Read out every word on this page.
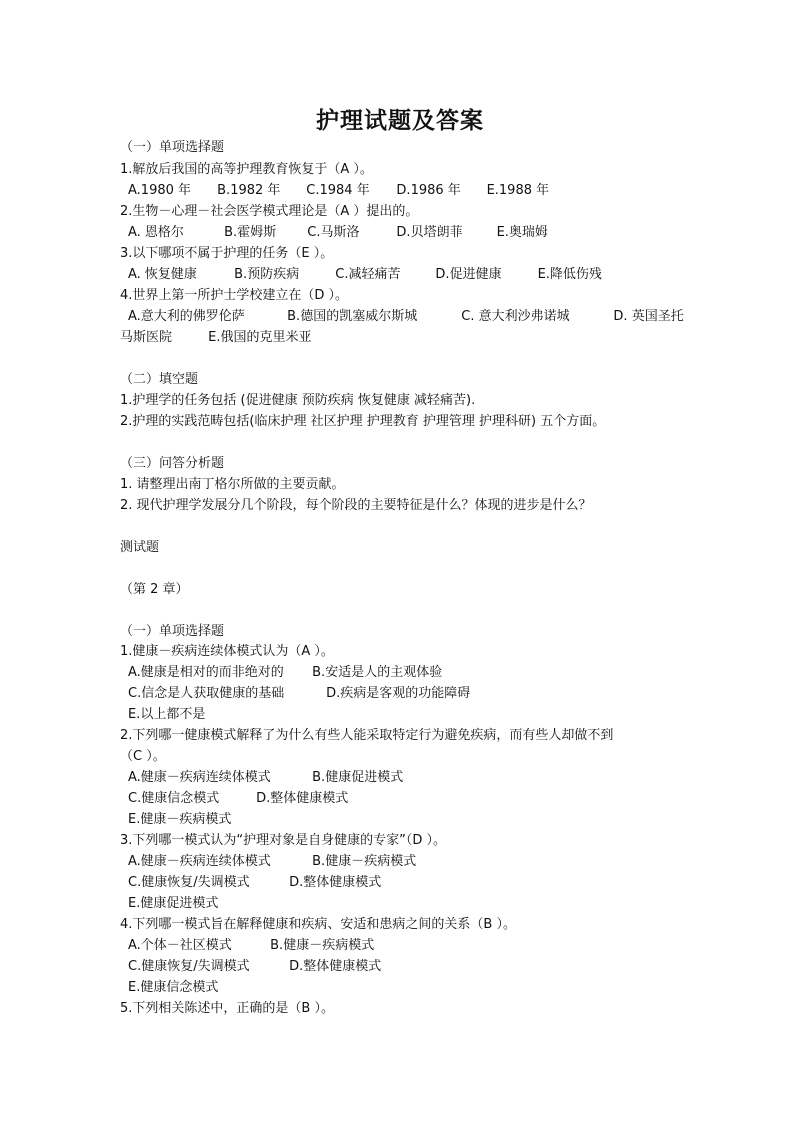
护理试题及答案
（一）单项选择题
1.解放后我国的高等护理教育恢复于（A ）。
A.1980 年 B.1982 年 C.1984 年 D.1986 年 E.1988 年
2.生物－心理－社会医学模式理论是（A ）提出的。
A. 恩格尔	B.霍姆斯 C.马斯洛	D.贝塔朗菲	E.奥瑞姆
3.以下哪项不属于护理的任务（E ）。
A. 恢复健康	B.预防疾病	C.减轻痛苦	D.促进健康	E.降低伤残
4.世界上第一所护士学校建立在（D ）。
A.意大利的佛罗伦萨	B.德国的凯塞威尔斯城	C. 意大利沙弗诺城	D. 英国圣托
马斯医院	E.俄国的克里米亚
（二）填空题
1.护理学的任务包括 (促进健康 预防疾病 恢复健康 减轻痛苦).
2.护理的实践范畴包括(临床护理 社区护理 护理教育 护理管理 护理科研) 五个方面。
（三）问答分析题
1. 请整理出南丁格尔所做的主要贡献。
2. 现代护理学发展分几个阶段，每个阶段的主要特征是什么？体现的进步是什么？
测试题
（第 2 章）
（一）单项选择题
1.健康－疾病连续体模式认为（A ）。
A.健康是相对的而非绝对的 B.安适是人的主观体验
C.信念是人获取健康的基础	D.疾病是客观的功能障碍
E.以上都不是
2.下列哪一健康模式解释了为什么有些人能采取特定行为避免疾病，而有些人却做不到
（C ）。
A.健康－疾病连续体模式	B.健康促进模式
C.健康信念模式	D.整体健康模式
E.健康－疾病模式
3.下列哪一模式认为“护理对象是自身健康的专家”（D ）。
A.健康－疾病连续体模式	B.健康－疾病模式
C.健康恢复/失调模式	D.整体健康模式
E.健康促进模式
4.下列哪一模式旨在解释健康和疾病、安适和患病之间的关系（B ）。
A.个体－社区模式	B.健康－疾病模式
C.健康恢复/失调模式	D.整体健康模式
E.健康信念模式
5.下列相关陈述中，正确的是（B ）。
